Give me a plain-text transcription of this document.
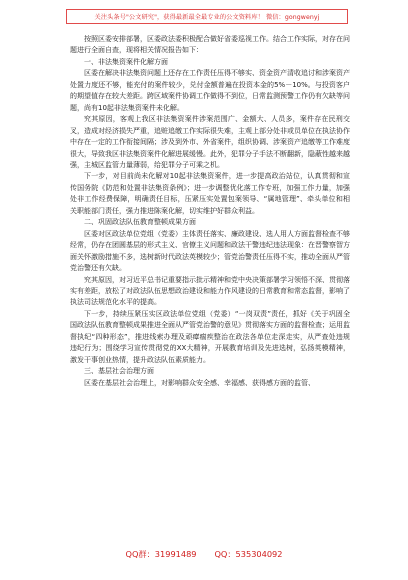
关注头条号"公文研究"，获得最新最全最专业的公文资料库！ 微信：gongwenyj

按照区委安排部署，区委政法委积极配合做好省委巡视工作。结合工作实际，对存在问题进行全面自查，现将相关情况报告如下：

一、非法集资案件化解方面

区委在解决非法集资问题上还存在工作责任压得不够实、资金资产清收追讨和涉案资产处置力度还不够，能充付的案件较少，兑付金额普遍在投资本金的5%－10%。与投资客户的期望值存在较大差距。跨区域案件协调工作做得不到位，日常监测预警工作仍有欠缺等问题，尚有10起非法集资案件未化解。

究其原因，客观上我区非法集资案件涉案范围广、金额大、人员多，案件存在民刑交叉，造成对经济损失严重，追赃追缴工作实际很失难，主观上部分处非或员单位在执法协作中存在一定的工作衔接间隔；涉及到外市、外省案件，组织协调、涉案资产追缴等工作难度很大，导致我区非法集资案件化解进展缓慢。此外，犯罪分子手法不断翻新，隐蔽性越来越强，主城区监管力量薄弱，给犯罪分子可乘之机。

下一步，对目前尚未化解对10起非法集资案件，进一步提高政治站位，认真贯彻和宣传国务院《防范和处置非法集资条例》；进一步调整优化落工作专班，加强工作力量，加强处非工作经费保障，明确责任目标，压紧压实处置包案领导、“属地管理”、牵头单位和相关职能部门责任，强力推进陈案化解，切实维护好群众利益。

二、巩固政法队伍教育整顿成果方面

区委对区政法单位党组（党委）主体责任落实、廉政建设、选人用人方面监督检查不够经常，仍存在团圆基层的形式主义、官僚主义问题和政法干警违纪违法现象：在晋警察智方面关怀激励措施不多，选树新时代政法英模较少；管党治警责任压得不实，推动全面从严管党治警还有欠缺。

究其原因，对习近平总书记重要指示批示精神和党中央决策部署学习领悟不深、贯彻落实有差距，放松了对政法队伍思想政治建设和能力作风建设的日常教育和常态监督，影响了执法司法规范化水平的提高。

下一步，持续压紧压实区政法单位党组（党委）“一岗双责”责任，抓好《关于巩固全国政法队伍教育整顿成果推进全面从严管党治警的意见》贯彻落实方面的监督检查；运用监督执纪“四种形态”，推进线索办理及顽瘴痼疾整治在政法各单位走深走实，从严查处违规违纪行为；围绕学习宣传贯彻党的XX大精神，开展教育培训及先进选树，弘扬英模精神，激发干事创业热情，提升政法队伍素质能力。

三、基层社会治理方面

区委在基层社会治理上，对影响群众安全感、幸福感、获得感方面的监管、

QQ群：31991489 QQ：535304092
